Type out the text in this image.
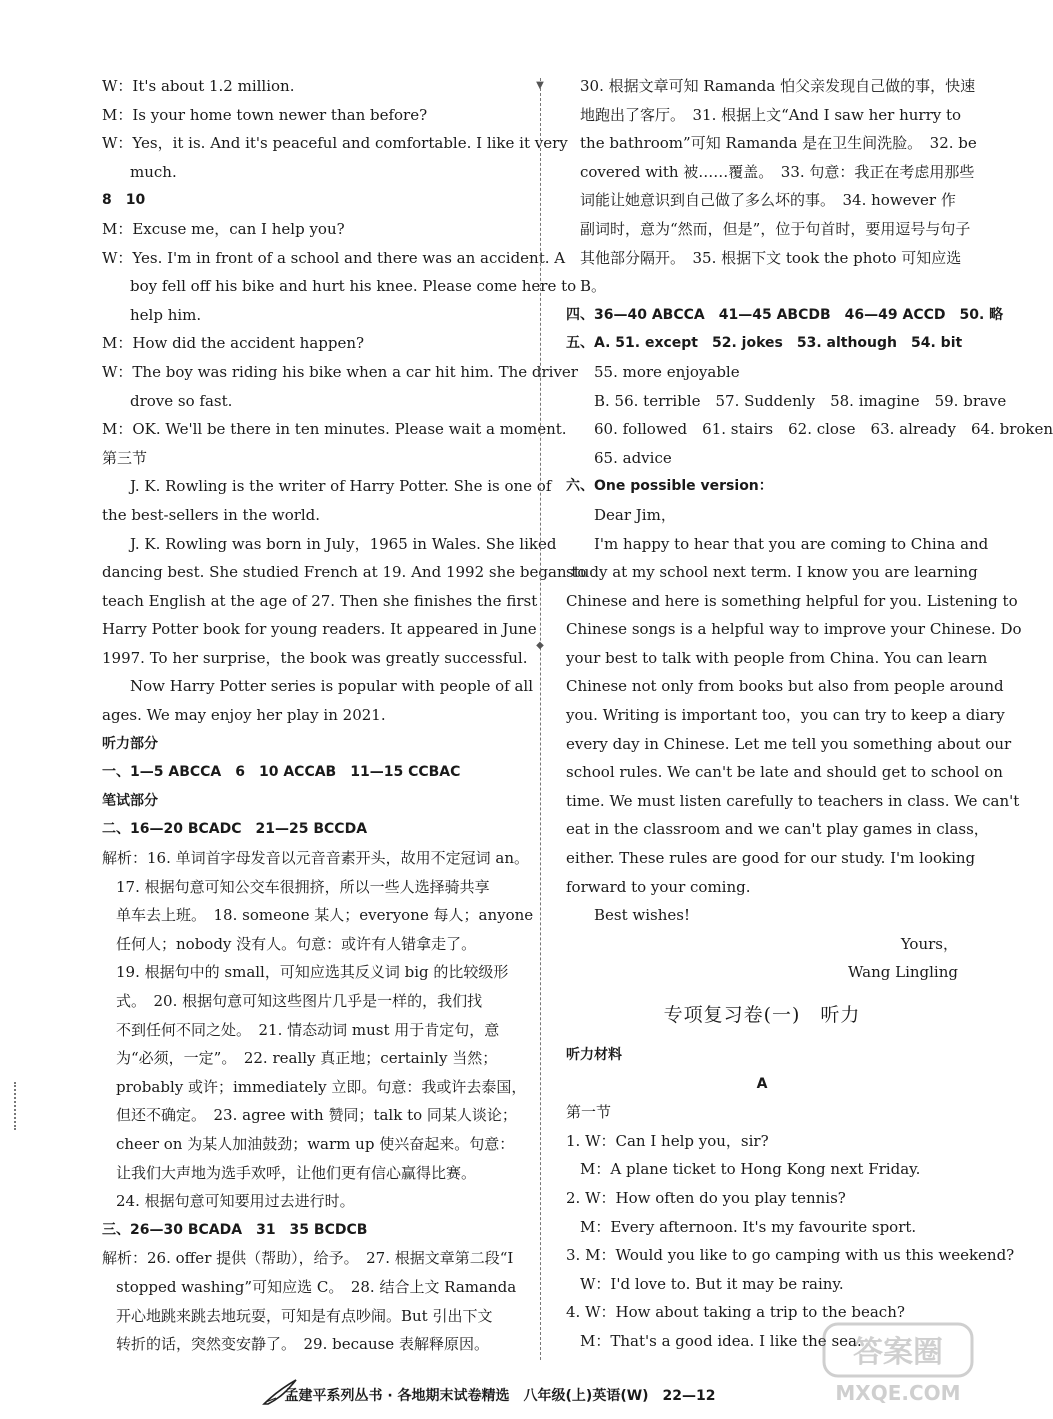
W：It's about 1.2 million.
M：Is your home town newer than before?
W：Yes，it is. And it's peaceful and comfortable. I like it very
much.
8　10
M：Excuse me，can I help you?
W：Yes. I'm in front of a school and there was an accident. A
boy fell off his bike and hurt his knee. Please come here to
help him.
M：How did the accident happen?
W：The boy was riding his bike when a car hit him. The driver
drove so fast.
M：OK. We'll be there in ten minutes. Please wait a moment.
第三节
J. K. Rowling is the writer of Harry Potter. She is one of
the best-sellers in the world.
J. K. Rowling was born in July，1965 in Wales. She liked
dancing best. She studied French at 19. And 1992 she began to
teach English at the age of 27. Then she finishes the first
Harry Potter book for young readers. It appeared in June
1997. To her surprise，the book was greatly successful.
Now Harry Potter series is popular with people of all
ages. We may enjoy her play in 2021.
听力部分
一、1—5 ABCCA　6　10 ACCAB　11—15 CCBAC
笔试部分
二、16—20 BCADC　21—25 BCCDA
解析：16. 单词首字母发音以元音音素开头，故用不定冠词 an。
17. 根据句意可知公交车很拥挤，所以一些人选择骑共享
单车去上班。　18. someone 某人；everyone 每人；anyone
任何人；nobody 没有人。句意：或许有人错拿走了。
19. 根据句中的 small，可知应选其反义词 big 的比较级形
式。　20. 根据句意可知这些图片几乎是一样的，我们找
不到任何不同之处。　21. 情态动词 must 用于肯定句，意
为“必须，一定”。　22. really 真正地；certainly 当然；
probably 或许；immediately 立即。句意：我或许去泰国，
但还不确定。　23. agree with 赞同；talk to 同某人谈论；
cheer on 为某人加油鼓劲；warm up 使兴奋起来。句意：
让我们大声地为选手欢呼，让他们更有信心赢得比赛。
24. 根据句意可知要用过去进行时。
三、26—30 BCADA　31　35 BCDCB
解析：26. offer 提供（帮助），给予。　27. 根据文章第二段“I
stopped washing”可知应选 C。　28. 结合上文 Ramanda
开心地跳来跳去地玩耍，可知是有点吵闹。But 引出下文
转折的话，突然变安静了。　29. because 表解释原因。
▼
◆
30. 根据文章可知 Ramanda 怕父亲发现自己做的事，快速
地跑出了客厅。　31. 根据上文“And I saw her hurry to
the bathroom”可知 Ramanda 是在卫生间洗脸。　32. be
covered with 被……覆盖。　33. 句意：我正在考虑用那些
词能让她意识到自己做了多么坏的事。　34. however 作
副词时，意为“然而，但是”，位于句首时，要用逗号与句子
其他部分隔开。　35. 根据下文 took the photo 可知应选
B。
四、36—40 ABCCA　41—45 ABCDB　46—49 ACCD　50. 略
五、A. 51. except　52. jokes　53. although　54. bit
55. more enjoyable
B. 56. terrible　57. Suddenly　58. imagine　59. brave
60. followed　61. stairs　62. close　63. already　64. broken
65. advice
六、One possible version：
Dear Jim，
I'm happy to hear that you are coming to China and
study at my school next term. I know you are learning
Chinese and here is something helpful for you. Listening to
Chinese songs is a helpful way to improve your Chinese. Do
your best to talk with people from China. You can learn
Chinese not only from books but also from people around
you. Writing is important too，you can try to keep a diary
every day in Chinese. Let me tell you something about our
school rules. We can't be late and should get to school on
time. We must listen carefully to teachers in class. We can't
eat in the classroom and we can't play games in class，
either. These rules are good for our study. I'm looking
forward to your coming.
Best wishes!
Yours，
Wang Lingling
专项复习卷(一)　听力
听力材料
A
第一节
1. W：Can I help you，sir?
M：A plane ticket to Hong Kong next Friday.
2. W：How often do you play tennis?
M：Every afternoon. It's my favourite sport.
3. M：Would you like to go camping with us this weekend?
W：I'd love to. But it may be rainy.
4. W：How about taking a trip to the beach?
M：That's a good idea. I like the sea.
孟建平系列丛书 · 各地期末试卷精选　八年级(上)英语(W)　22—12
答案圈
MXQE.COM
